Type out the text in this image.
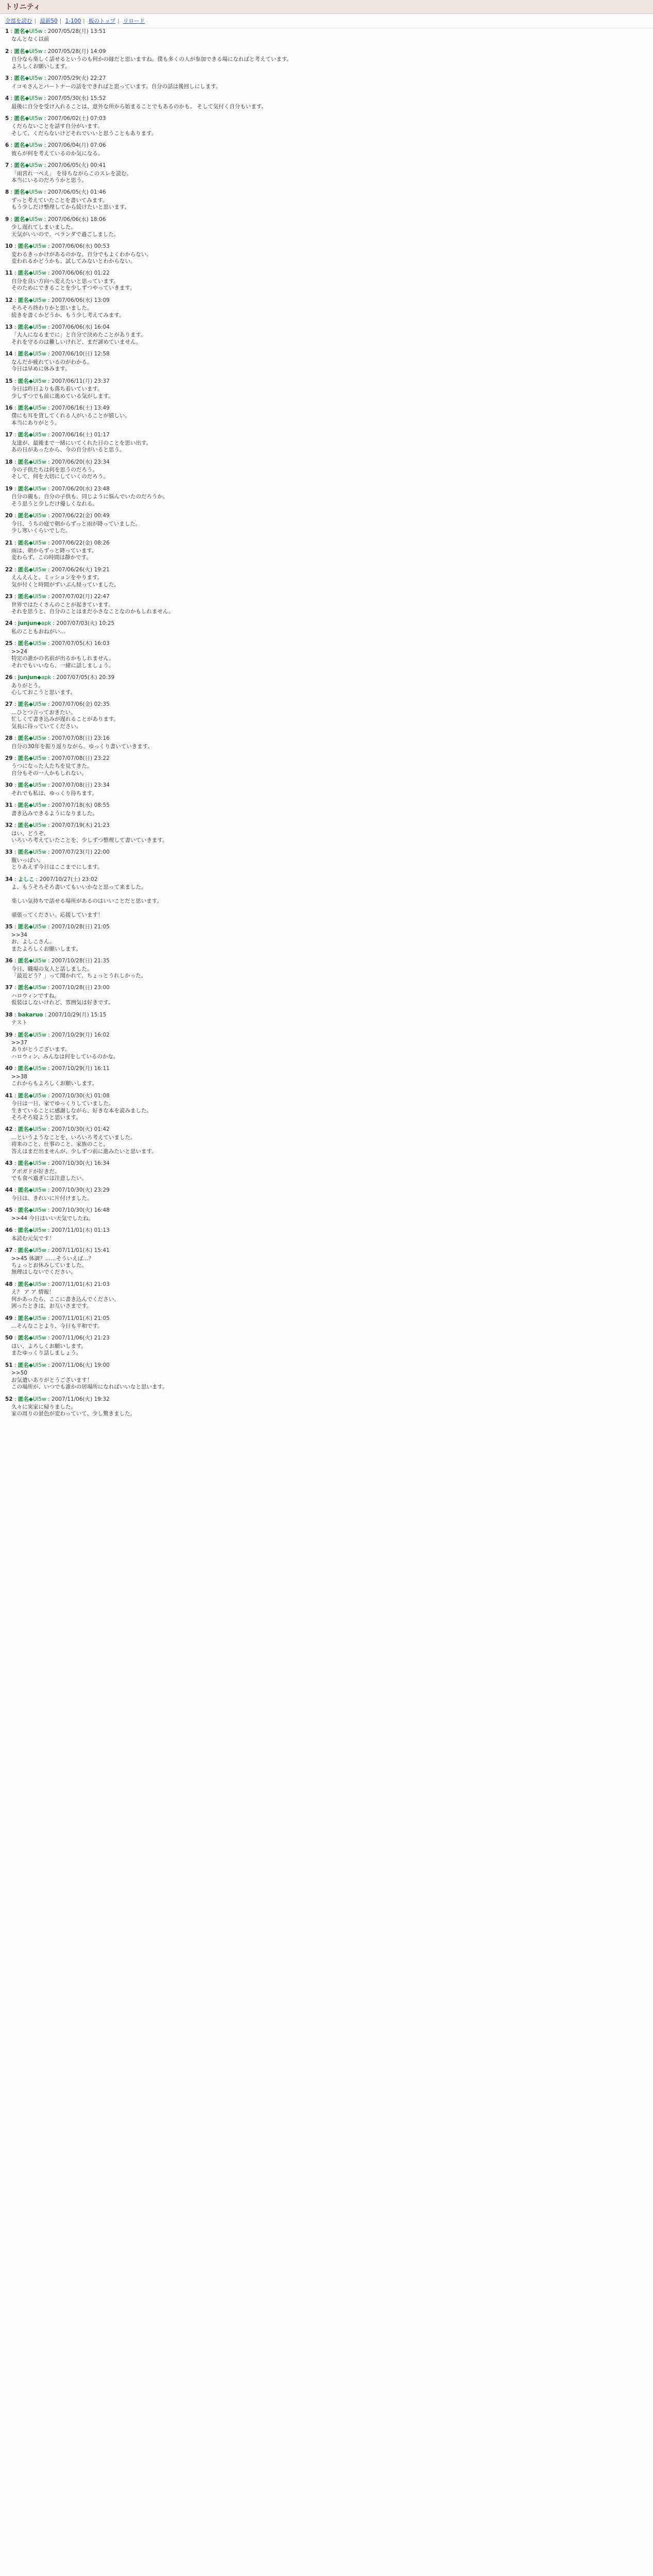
トリニティ
全部を読む | 最新50 | 1-100 | 板のトップ | リロード
1 : 匿名◆Ul5w : 2007/05/28(月) 13:51
なんとなく以前
2 : 匿名◆Ul5w : 2007/05/28(月) 14:09
自分なら楽しく話せるというのも何かの縁だと思いますね。僕も多くの人が参加できる場になればと考えています。
よろしくお願いします。
3 : 匿名◆Ul5w : 2007/05/29(火) 22:27
イコモさんとパートナーの話をできればと思っています。自分の話は後回しにします。
4 : 匿名◆Ul5w : 2007/05/30(水) 15:52
最後に自分を受け入れることは、意外な所から始まることでもあるのかも。 そして気付く自分もいます。
5 : 匿名◆Ul5w : 2007/06/02(土) 07:03
くだらないことを話す自分がいます。
そして、くだらないけどそれでいいと思うこともあります。
6 : 匿名◆Ul5w : 2007/06/04(月) 07:06
彼らが何を考えているのか気になる。
7 : 匿名◆Ul5w : 2007/06/05(火) 00:41
「雨宮れ一ぺえ」 を待ちながらこのスレを読む。
本当にいるのだろうかと思う。
8 : 匿名◆Ul5w : 2007/06/05(火) 01:46
ずっと考えていたことを書いてみます。
もう少しだけ整理してから続けたいと思います。
9 : 匿名◆Ul5w : 2007/06/06(水) 18:06
少し遅れてしまいました。
天気がいいので、ベランダで過ごしました。
10 : 匿名◆Ul5w : 2007/06/06(水) 00:53
変わるきっかけがあるのかな。自分でもよくわからない。
変われるかどうかも、試してみないとわからない。
11 : 匿名◆Ul5w : 2007/06/06(水) 01:22
自分を良い方向へ変えたいと思っています。
そのためにできることを少しずつやっていきます。
12 : 匿名◆Ul5w : 2007/06/06(水) 13:09
そろそろ終わりかと思いました。
続きを書くかどうか、もう少し考えてみます。
13 : 匿名◆Ul5w : 2007/06/06(水) 16:04
「大人になるまでに」と自分で決めたことがあります。
それを守るのは難しいけれど、まだ諦めていません。
14 : 匿名◆Ul5w : 2007/06/10(日) 12:58
なんだか疲れているのがわかる。
今日は早めに休みます。
15 : 匿名◆Ul5w : 2007/06/11(月) 23:37
今日は昨日よりも落ち着いています。
少しずつでも前に進めている気がします。
16 : 匿名◆Ul5w : 2007/06/16(土) 13:49
僕にも耳を貸してくれる人がいることが嬉しい。
本当にありがとう。
17 : 匿名◆Ul5w : 2007/06/16(土) 01:17
友達が、最後まで一緒にいてくれた日のことを思い出す。
あの日があったから、今の自分がいると思う。
18 : 匿名◆Ul5w : 2007/06/20(水) 23:34
今の子供たちは何を思うのだろう。
そして、何を大切にしていくのだろう。
19 : 匿名◆Ul5w : 2007/06/20(水) 23:48
自分の親も、自分の子供も、同じように悩んでいたのだろうか。
そう思うと少しだけ優しくなれる。
20 : 匿名◆Ul5w : 2007/06/22(金) 00:49
今日、うちの庭で朝からずっと雨が降っていました。
少し寒いくらいでした。
21 : 匿名◆Ul5w : 2007/06/22(金) 08:26
雨は、朝からずっと降っています。
変わらず、この時間は静かです。
22 : 匿名◆Ul5w : 2007/06/26(火) 19:21
えんえんと、ミッションをやります。
気が付くと時間がずいぶん経っていました。
23 : 匿名◆Ul5w : 2007/07/02(月) 22:47
世界ではたくさんのことが起きています。
それを思うと、自分のことはまだ小さなことなのかもしれません。
24 : junjun◆apk : 2007/07/03(火) 10:25
私のこともおねがい…
25 : 匿名◆Ul5w : 2007/07/05(木) 16:03
>>24
特定の誰かの名前が出るかもしれません。
それでもいいなら、一緒に話しましょう。
26 : junjun◆apk : 2007/07/05(木) 20:39
ありがとう。
心しておこうと思います。
27 : 匿名◆Ul5w : 2007/07/06(金) 02:35
…ひとつ言っておきたい。
忙しくて書き込みが遅れることがあります。
気長に待っていてください。
28 : 匿名◆Ul5w : 2007/07/08(日) 23:16
自分の30年を振り返りながら、ゆっくり書いていきます。
29 : 匿名◆Ul5w : 2007/07/08(日) 23:22
うつになった人たちを見てきた。
自分もその一人かもしれない。
30 : 匿名◆Ul5w : 2007/07/08(日) 23:34
それでも私は、ゆっくり待ちます。
31 : 匿名◆Ul5w : 2007/07/18(水) 08:55
書き込みできるようになりました。
32 : 匿名◆Ul5w : 2007/07/19(木) 21:23
はい、どうぞ。
いろいろ考えていたことを、少しずつ整理して書いていきます。
33 : 匿名◆Ul5w : 2007/07/23(月) 22:00
腹いっぱい。
とりあえず今日はここまでにします。
34 : よしこ : 2007/10/27(土) 23:02
よ、もうそろそろ書いてもいいかなと思って来ました。

楽しい気持ちで話せる場所があるのはいいことだと思います。

頑張ってください。応援しています！
35 : 匿名◆Ul5w : 2007/10/28(日) 21:05
>>34
お、よしこさん。
またよろしくお願いします。
36 : 匿名◆Ul5w : 2007/10/28(日) 21:35
今日、職場の友人と話しました。
「最近どう？」って聞かれて、ちょっとうれしかった。
37 : 匿名◆Ul5w : 2007/10/28(日) 23:00
ハロウィンですね。
仮装はしないけれど、雰囲気は好きです。
38 : bakaruo : 2007/10/29(月) 15:15
テスト
39 : 匿名◆Ul5w : 2007/10/29(月) 16:02
>>37
ありがとうございます。
ハロウィン、みんなは何をしているのかな。
40 : 匿名◆Ul5w : 2007/10/29(月) 16:11
>>38
これからもよろしくお願いします。
41 : 匿名◆Ul5w : 2007/10/30(火) 01:08
今日は一日、家でゆっくりしていました。
生きていることに感謝しながら、好きな本を読みました。
そろそろ寝ようと思います。
42 : 匿名◆Ul5w : 2007/10/30(火) 01:42
…というようなことを、いろいろ考えていました。
将来のこと、仕事のこと、家族のこと。
答えはまだ出ませんが、少しずつ前に進みたいと思います。
43 : 匿名◆Ul5w : 2007/10/30(火) 16:34
アボガドが好きだ。
でも食べ過ぎには注意したい。
44 : 匿名◆Ul5w : 2007/10/30(火) 23:29
今日は、きれいに片付けました。
45 : 匿名◆Ul5w : 2007/10/30(火) 16:48
>>44 今日はいい天気でしたね。
46 : 匿名◆Ul5w : 2007/11/01(木) 01:13
本読む元気です！
47 : 匿名◆Ul5w : 2007/11/01(木) 15:41
>>45 体調？……そういえば…？
ちょっとお休みしていました。
無理はしないでください。
48 : 匿名◆Ul5w : 2007/11/01(木) 21:03
え？ ア ア 情報！
何かあったら、ここに書き込んでください。
困ったときは、お互いさまです。
49 : 匿名◆Ul5w : 2007/11/01(木) 21:05
…そんなことより、今日も平和です。
50 : 匿名◆Ul5w : 2007/11/06(火) 21:23
はい、よろしくお願いします。
またゆっくり話しましょう。
51 : 匿名◆Ul5w : 2007/11/06(火) 19:00
>>50
お気遣いありがとうございます！
この場所が、いつでも誰かの居場所になればいいなと思います。
52 : 匿名◆Ul5w : 2007/11/06(火) 19:32
久々に実家に帰りました。
家の周りの景色が変わっていて、少し驚きました。
